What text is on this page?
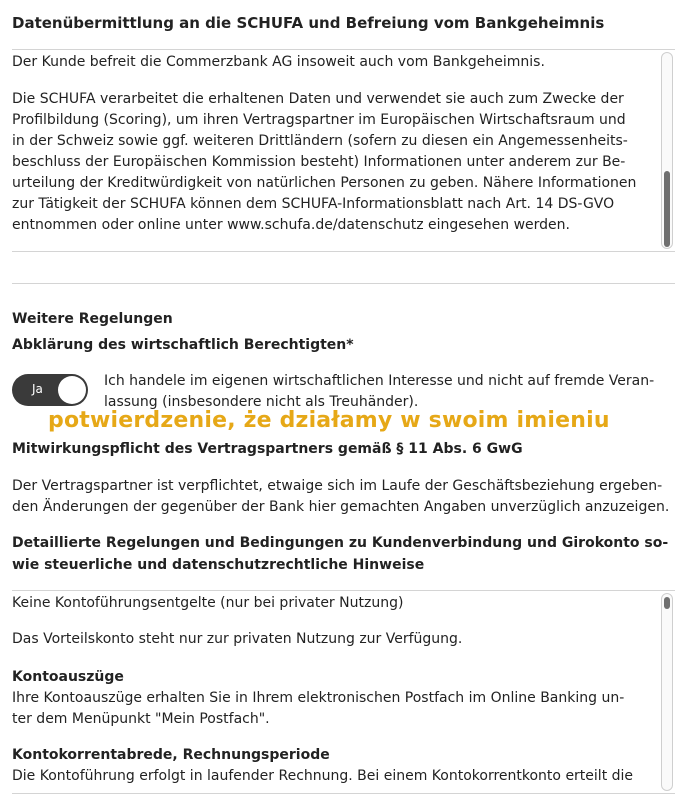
Datenübermittlung an die SCHUFA und Befreiung vom Bankgeheimnis

Der Kunde befreit die Commerzbank AG insoweit auch vom Bankgeheimnis.

Die SCHUFA verarbeitet die erhaltenen Daten und verwendet sie auch zum Zwecke der
Profilbildung (Scoring), um ihren Vertragspartner im Europäischen Wirtschaftsraum und
in der Schweiz sowie ggf. weiteren Drittländern (sofern zu diesen ein Angemessenheits-
beschluss der Europäischen Kommission besteht) Informationen unter anderem zur Be-
urteilung der Kreditwürdigkeit von natürlichen Personen zu geben. Nähere Informationen
zur Tätigkeit der SCHUFA können dem SCHUFA-Informationsblatt nach Art. 14 DS-GVO
entnommen oder online unter www.schufa.de/datenschutz eingesehen werden.

Weitere Regelungen
Abklärung des wirtschaftlich Berechtigten*
Ja	Ich handele im eigenen wirtschaftlichen Interesse und nicht auf fremde Veran-
lassung (insbesondere nicht als Treuhänder).
potwierdzenie, że działamy w swoim imieniu
Mitwirkungspflicht des Vertragspartners gemäß § 11 Abs. 6 GwG
Der Vertragspartner ist verpflichtet, etwaige sich im Laufe der Geschäftsbeziehung ergeben-
den Änderungen der gegenüber der Bank hier gemachten Angaben unverzüglich anzuzeigen.
Detaillierte Regelungen und Bedingungen zu Kundenverbindung und Girokonto so-
wie steuerliche und datenschutzrechtliche Hinweise

Keine Kontoführungsentgelte (nur bei privater Nutzung)

Das Vorteilskonto steht nur zur privaten Nutzung zur Verfügung.

Kontoauszüge

Ihre Kontoauszüge erhalten Sie in Ihrem elektronischen Postfach im Online Banking un-

ter dem Menüpunkt "Mein Postfach".

Kontokorrentabrede, Rechnungsperiode

Die Kontoführung erfolgt in laufender Rechnung. Bei einem Kontokorrentkonto erteilt die
